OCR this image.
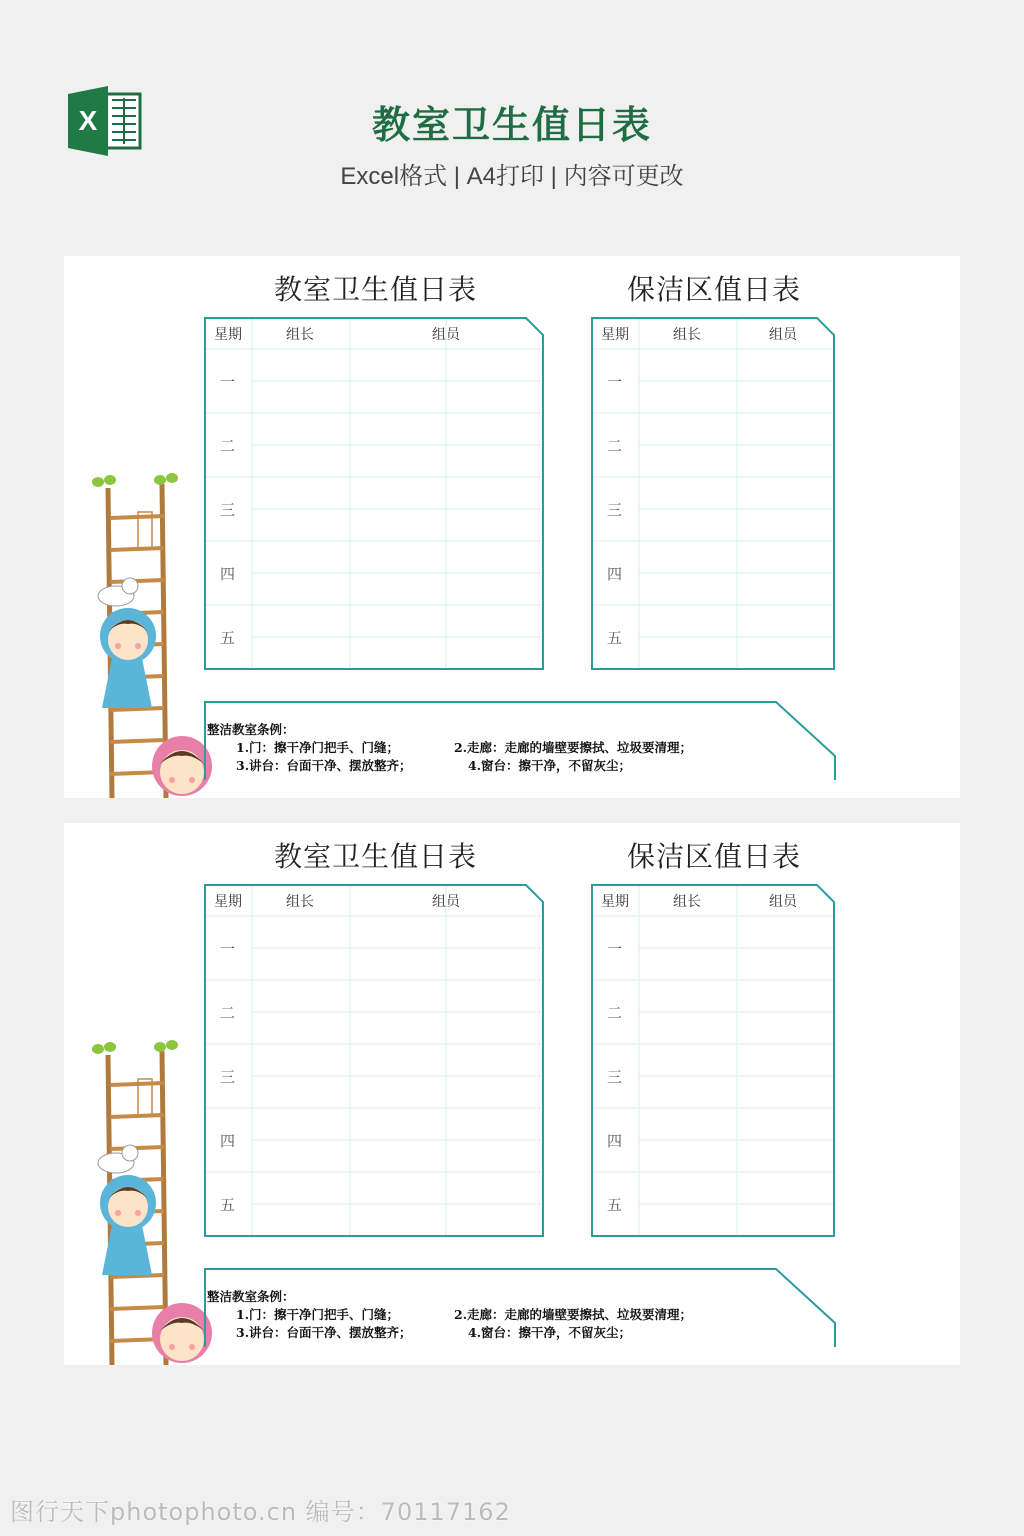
X	教室卫生值日表
Excel格式 | A4打印 | 内容可更改
教室卫生值日表
星期	组长	组员
一
二
三
四
五
保洁区值日表
星期	组长	组员
一
二
三
四
五
整洁教室条例：
1.门：擦干净门把手、门缝；	2.走廊：走廊的墙壁要擦拭、垃圾要清理；
3.讲台：台面干净、摆放整齐；	4.窗台：擦干净，不留灰尘；
教室卫生值日表
星期	组长	组员
一
二
三
四
五
保洁区值日表
星期	组长	组员
一
二
三
四
五
整洁教室条例：
1.门：擦干净门把手、门缝；	2.走廊：走廊的墙壁要擦拭、垃圾要清理；
3.讲台：台面干净、摆放整齐；	4.窗台：擦干净，不留灰尘；
图行天下photophoto.cn 编号：70117162
